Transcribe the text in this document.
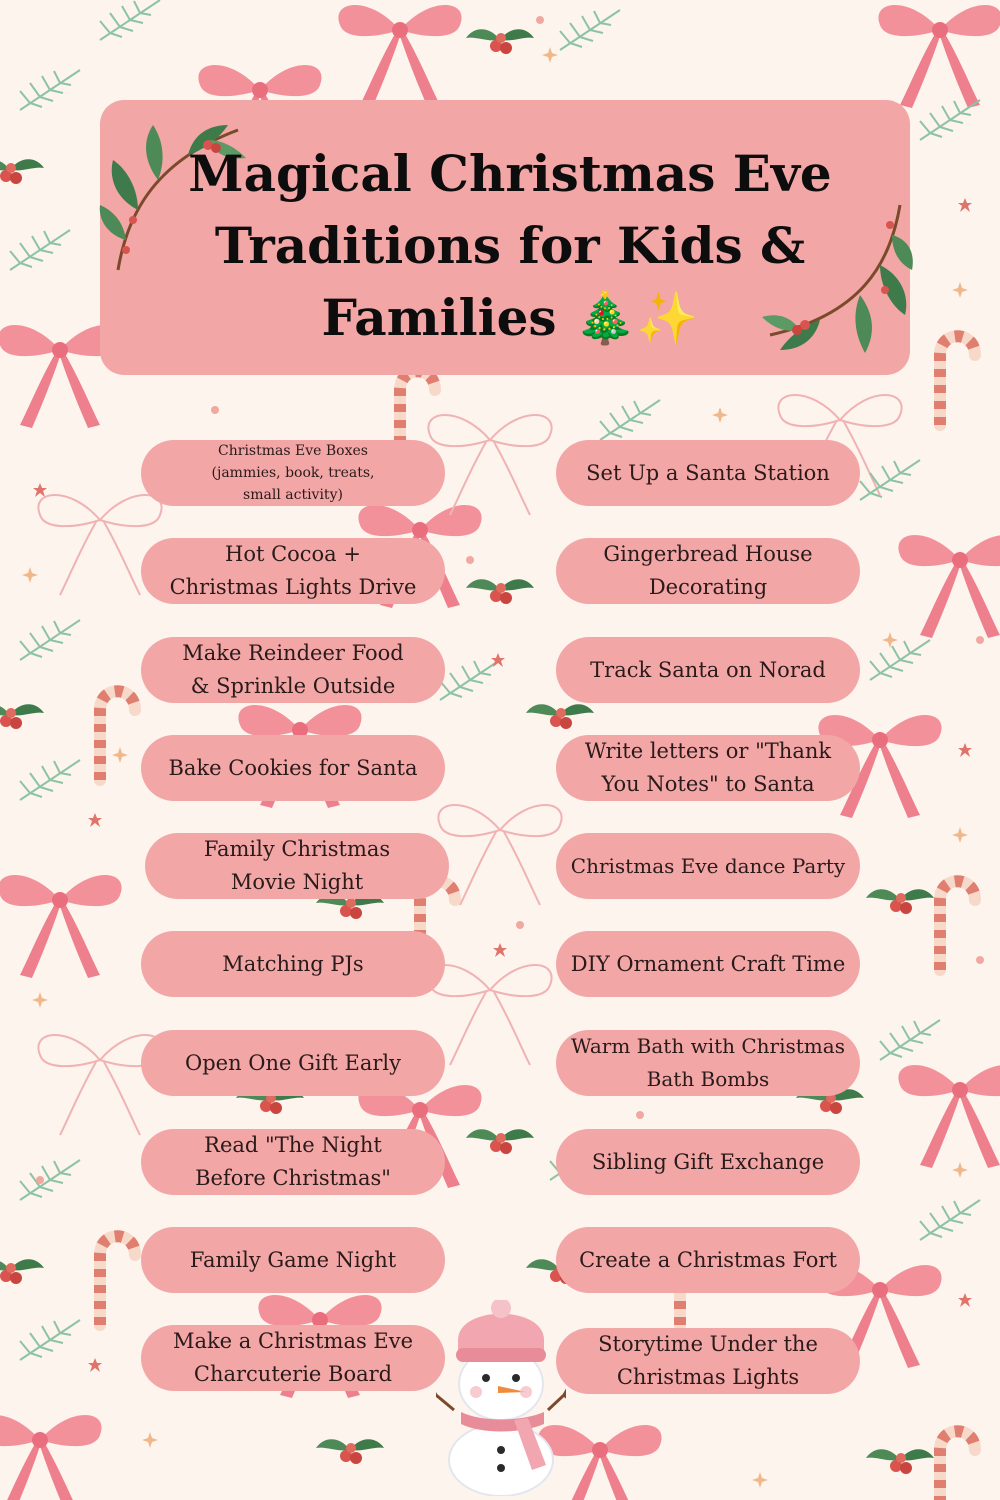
Magical Christmas Eve
Traditions for Kids &
Families 🎄✨
Christmas Eve Boxes (jammies, book, treats, small activity)
Hot Cocoa + Christmas Lights Drive
Make Reindeer Food & Sprinkle Outside
Bake Cookies for Santa
Family Christmas Movie Night
Matching PJs
Open One Gift Early
Read "The Night Before Christmas"
Family Game Night
Make a Christmas Eve Charcuterie Board
Set Up a Santa Station
Gingerbread House Decorating
Track Santa on Norad
Write letters or "Thank You Notes" to Santa
Christmas Eve dance Party
DIY Ornament Craft Time
Warm Bath with Christmas Bath Bombs
Sibling Gift Exchange
Create a Christmas Fort
Storytime Under the Christmas Lights
